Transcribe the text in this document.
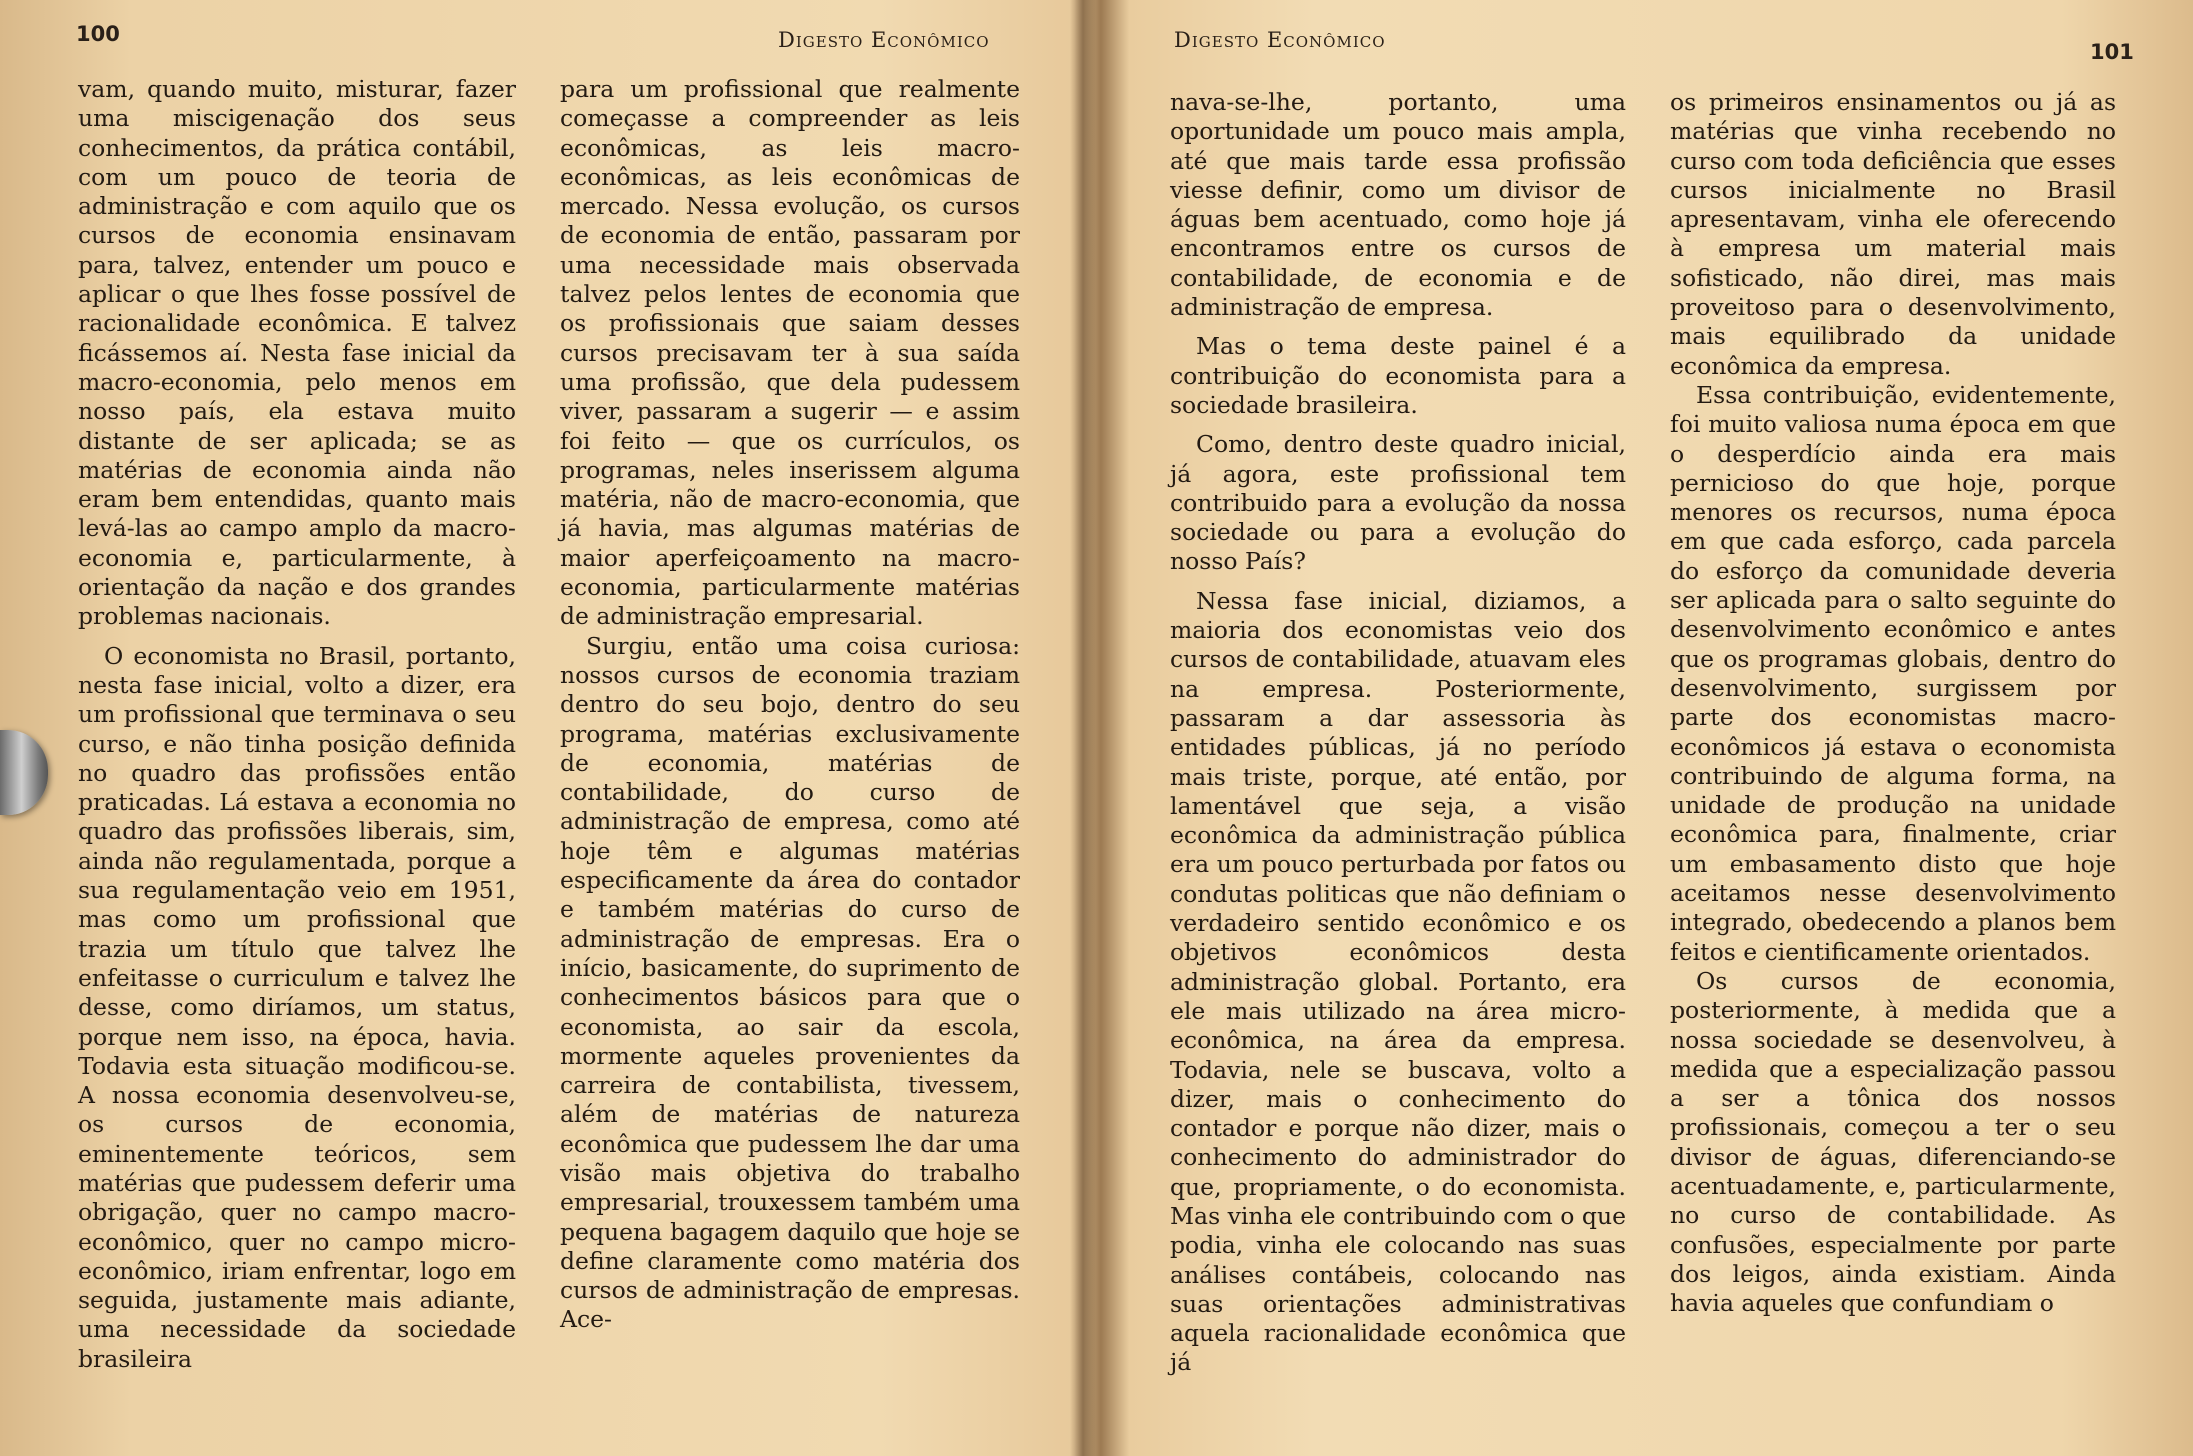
100	Digesto Econômico

vam, quando muito, misturar, fazer uma miscigenação dos seus conhecimentos, da prática contábil, com um pouco de teoria de administração e com aquilo que os cursos de economia ensinavam para, talvez, entender um pouco e aplicar o que lhes fosse possível de racionalidade econômica. E talvez ficássemos aí. Nesta fase inicial da macro-economia, pelo menos em nosso país, ela estava muito distante de ser aplicada; se as matérias de economia ainda não eram bem entendidas, quanto mais levá-las ao campo amplo da macro-economia e, particularmente, à orientação da nação e dos grandes problemas nacionais.

O economista no Brasil, portanto, nesta fase inicial, volto a dizer, era um profissional que terminava o seu curso, e não tinha posição definida no quadro das profissões então praticadas. Lá estava a economia no quadro das profissões liberais, sim, ainda não regulamentada, porque a sua regulamentação veio em 1951, mas como um profissional que trazia um título que talvez lhe enfeitasse o curriculum e talvez lhe desse, como diríamos, um status, porque nem isso, na época, havia. Todavia esta situação modificou-se. A nossa economia desenvolveu-se, os cursos de economia, eminentemente teóricos, sem matérias que pudessem deferir uma obrigação, quer no campo macro-econômico, quer no campo micro-econômico, iriam enfrentar, logo em seguida, justamente mais adiante, uma necessidade da sociedade brasileira

para um profissional que realmente começasse a compreender as leis econômicas, as leis macro-econômicas, as leis econômicas de mercado. Nessa evolução, os cursos de economia de então, passaram por uma necessidade mais observada talvez pelos lentes de economia que os profissionais que saiam desses cursos precisavam ter à sua saída uma profissão, que dela pudessem viver, passaram a sugerir — e assim foi feito — que os currículos, os programas, neles inserissem alguma matéria, não de macro-economia, que já havia, mas algumas matérias de maior aperfeiçoamento na macro-economia, particularmente matérias de administração empresarial.

Surgiu, então uma coisa curiosa: nossos cursos de economia traziam dentro do seu bojo, dentro do seu programa, matérias exclusivamente de economia, matérias de contabilidade, do curso de administração de empresa, como até hoje têm e algumas matérias especificamente da área do contador e também matérias do curso de administração de empresas. Era o início, basicamente, do suprimento de conhecimentos básicos para que o economista, ao sair da escola, mormente aqueles provenientes da carreira de contabilista, tivessem, além de matérias de natureza econômica que pudessem lhe dar uma visão mais objetiva do trabalho empresarial, trouxessem também uma pequena bagagem daquilo que hoje se define claramente como matéria dos cursos de administração de empresas. Ace-

Digesto Econômico	101

nava-se-lhe, portanto, uma oportunidade um pouco mais ampla, até que mais tarde essa profissão viesse definir, como um divisor de águas bem acentuado, como hoje já encontramos entre os cursos de contabilidade, de economia e de administração de empresa.

Mas o tema deste painel é a contribuição do economista para a sociedade brasileira.

Como, dentro deste quadro inicial, já agora, este profissional tem contribuido para a evolução da nossa sociedade ou para a evolução do nosso País?

Nessa fase inicial, diziamos, a maioria dos economistas veio dos cursos de contabilidade, atuavam eles na empresa. Posteriormente, passaram a dar assessoria às entidades públicas, já no período mais triste, porque, até então, por lamentável que seja, a visão econômica da administração pública era um pouco perturbada por fatos ou condutas politicas que não definiam o verdadeiro sentido econômico e os objetivos econômicos desta administração global. Portanto, era ele mais utilizado na área micro-econômica, na área da empresa. Todavia, nele se buscava, volto a dizer, mais o conhecimento do contador e porque não dizer, mais o conhecimento do administrador do que, propriamente, o do economista. Mas vinha ele contribuindo com o que podia, vinha ele colocando nas suas análises contábeis, colocando nas suas orientações administrativas aquela racionalidade econômica que já

os primeiros ensinamentos ou já as matérias que vinha recebendo no curso com toda deficiência que esses cursos inicialmente no Brasil apresentavam, vinha ele oferecendo à empresa um material mais sofisticado, não direi, mas mais proveitoso para o desenvolvimento, mais equilibrado da unidade econômica da empresa.

Essa contribuição, evidentemente, foi muito valiosa numa época em que o desperdício ainda era mais pernicioso do que hoje, porque menores os recursos, numa época em que cada esforço, cada parcela do esforço da comunidade deveria ser aplicada para o salto seguinte do desenvolvimento econômico e antes que os programas globais, dentro do desenvolvimento, surgissem por parte dos economistas macro-econômicos já estava o economista contribuindo de alguma forma, na unidade de produção na unidade econômica para, finalmente, criar um embasamento disto que hoje aceitamos nesse desenvolvimento integrado, obedecendo a planos bem feitos e cientificamente orientados.

Os cursos de economia, posteriormente, à medida que a nossa sociedade se desenvolveu, à medida que a especialização passou a ser a tônica dos nossos profissionais, começou a ter o seu divisor de águas, diferenciando-se acentuadamente, e, particularmente, no curso de contabilidade. As confusões, especialmente por parte dos leigos, ainda existiam. Ainda havia aqueles que confundiam o
